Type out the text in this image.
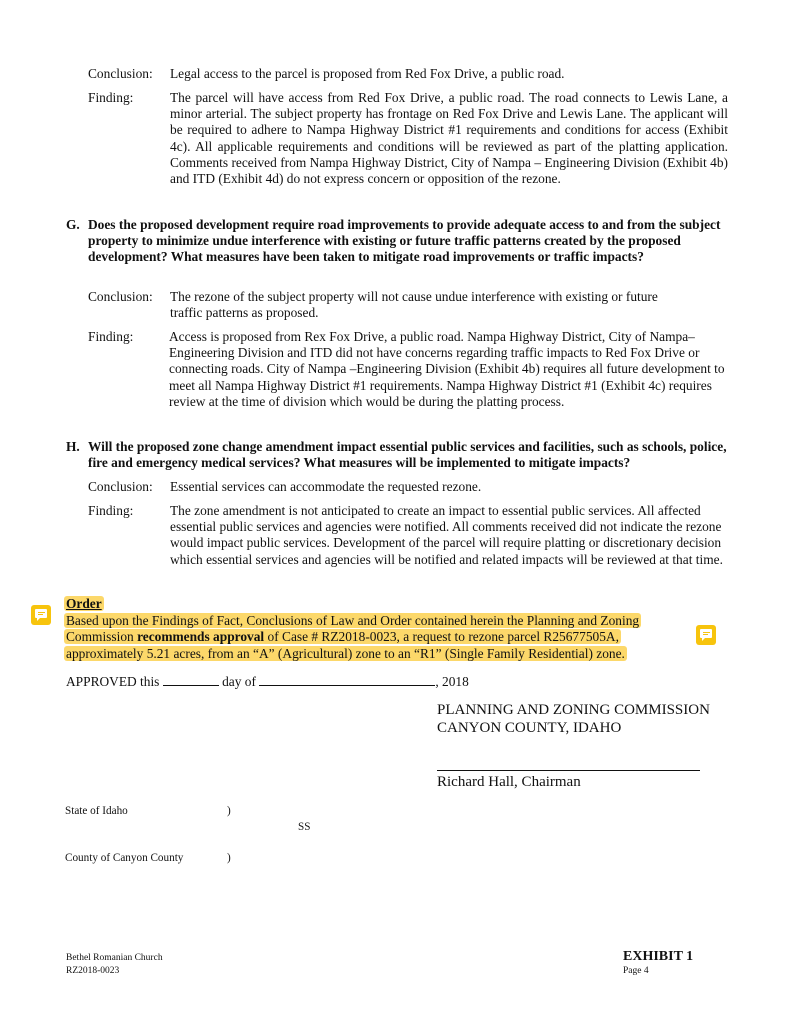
Conclusion: Legal access to the parcel is proposed from Red Fox Drive, a public road.
Finding:	The parcel will have access from Red Fox Drive, a public road. The road connects to Lewis Lane, a minor arterial. The subject property has frontage on Red Fox Drive and Lewis Lane. The applicant will be required to adhere to Nampa Highway District #1 requirements and conditions for access (Exhibit 4c). All applicable requirements and conditions will be reviewed as part of the platting application. Comments received from Nampa Highway District, City of Nampa – Engineering Division (Exhibit 4b) and ITD (Exhibit 4d) do not express concern or opposition of the rezone.
G. Does the proposed development require road improvements to provide adequate access to and from the subject property to minimize undue interference with existing or future traffic patterns created by the proposed development? What measures have been taken to mitigate road improvements or traffic impacts?
Conclusion: The rezone of the subject property will not cause undue interference with existing or future traffic patterns as proposed.
Finding:	Access is proposed from Rex Fox Drive, a public road. Nampa Highway District, City of Nampa–Engineering Division and ITD did not have concerns regarding traffic impacts to Red Fox Drive or connecting roads. City of Nampa –Engineering Division (Exhibit 4b) requires all future development to meet all Nampa Highway District #1 requirements. Nampa Highway District #1 (Exhibit 4c) requires review at the time of division which would be during the platting process.
H. Will the proposed zone change amendment impact essential public services and facilities, such as schools, police, fire and emergency medical services? What measures will be implemented to mitigate impacts?
Conclusion: Essential services can accommodate the requested rezone.
Finding:	The zone amendment is not anticipated to create an impact to essential public services. All affected essential public services and agencies were notified. All comments received did not indicate the rezone would impact public services. Development of the parcel will require platting or discretionary decision which essential services and agencies will be notified and related impacts will be reviewed at that time.
Order
Based upon the Findings of Fact, Conclusions of Law and Order contained herein the Planning and Zoning Commission recommends approval of Case # RZ2018-0023, a request to rezone parcel R25677505A, approximately 5.21 acres, from an “A” (Agricultural) zone to an “R1” (Single Family Residential) zone.
APPROVED this	day of	, 2018
PLANNING AND ZONING COMMISSION
CANYON COUNTY, IDAHO
Richard Hall, Chairman
State of Idaho	)
SS
County of Canyon County	)
Bethel Romanian Church
RZ2018-0023
EXHIBIT 1
Page 4
